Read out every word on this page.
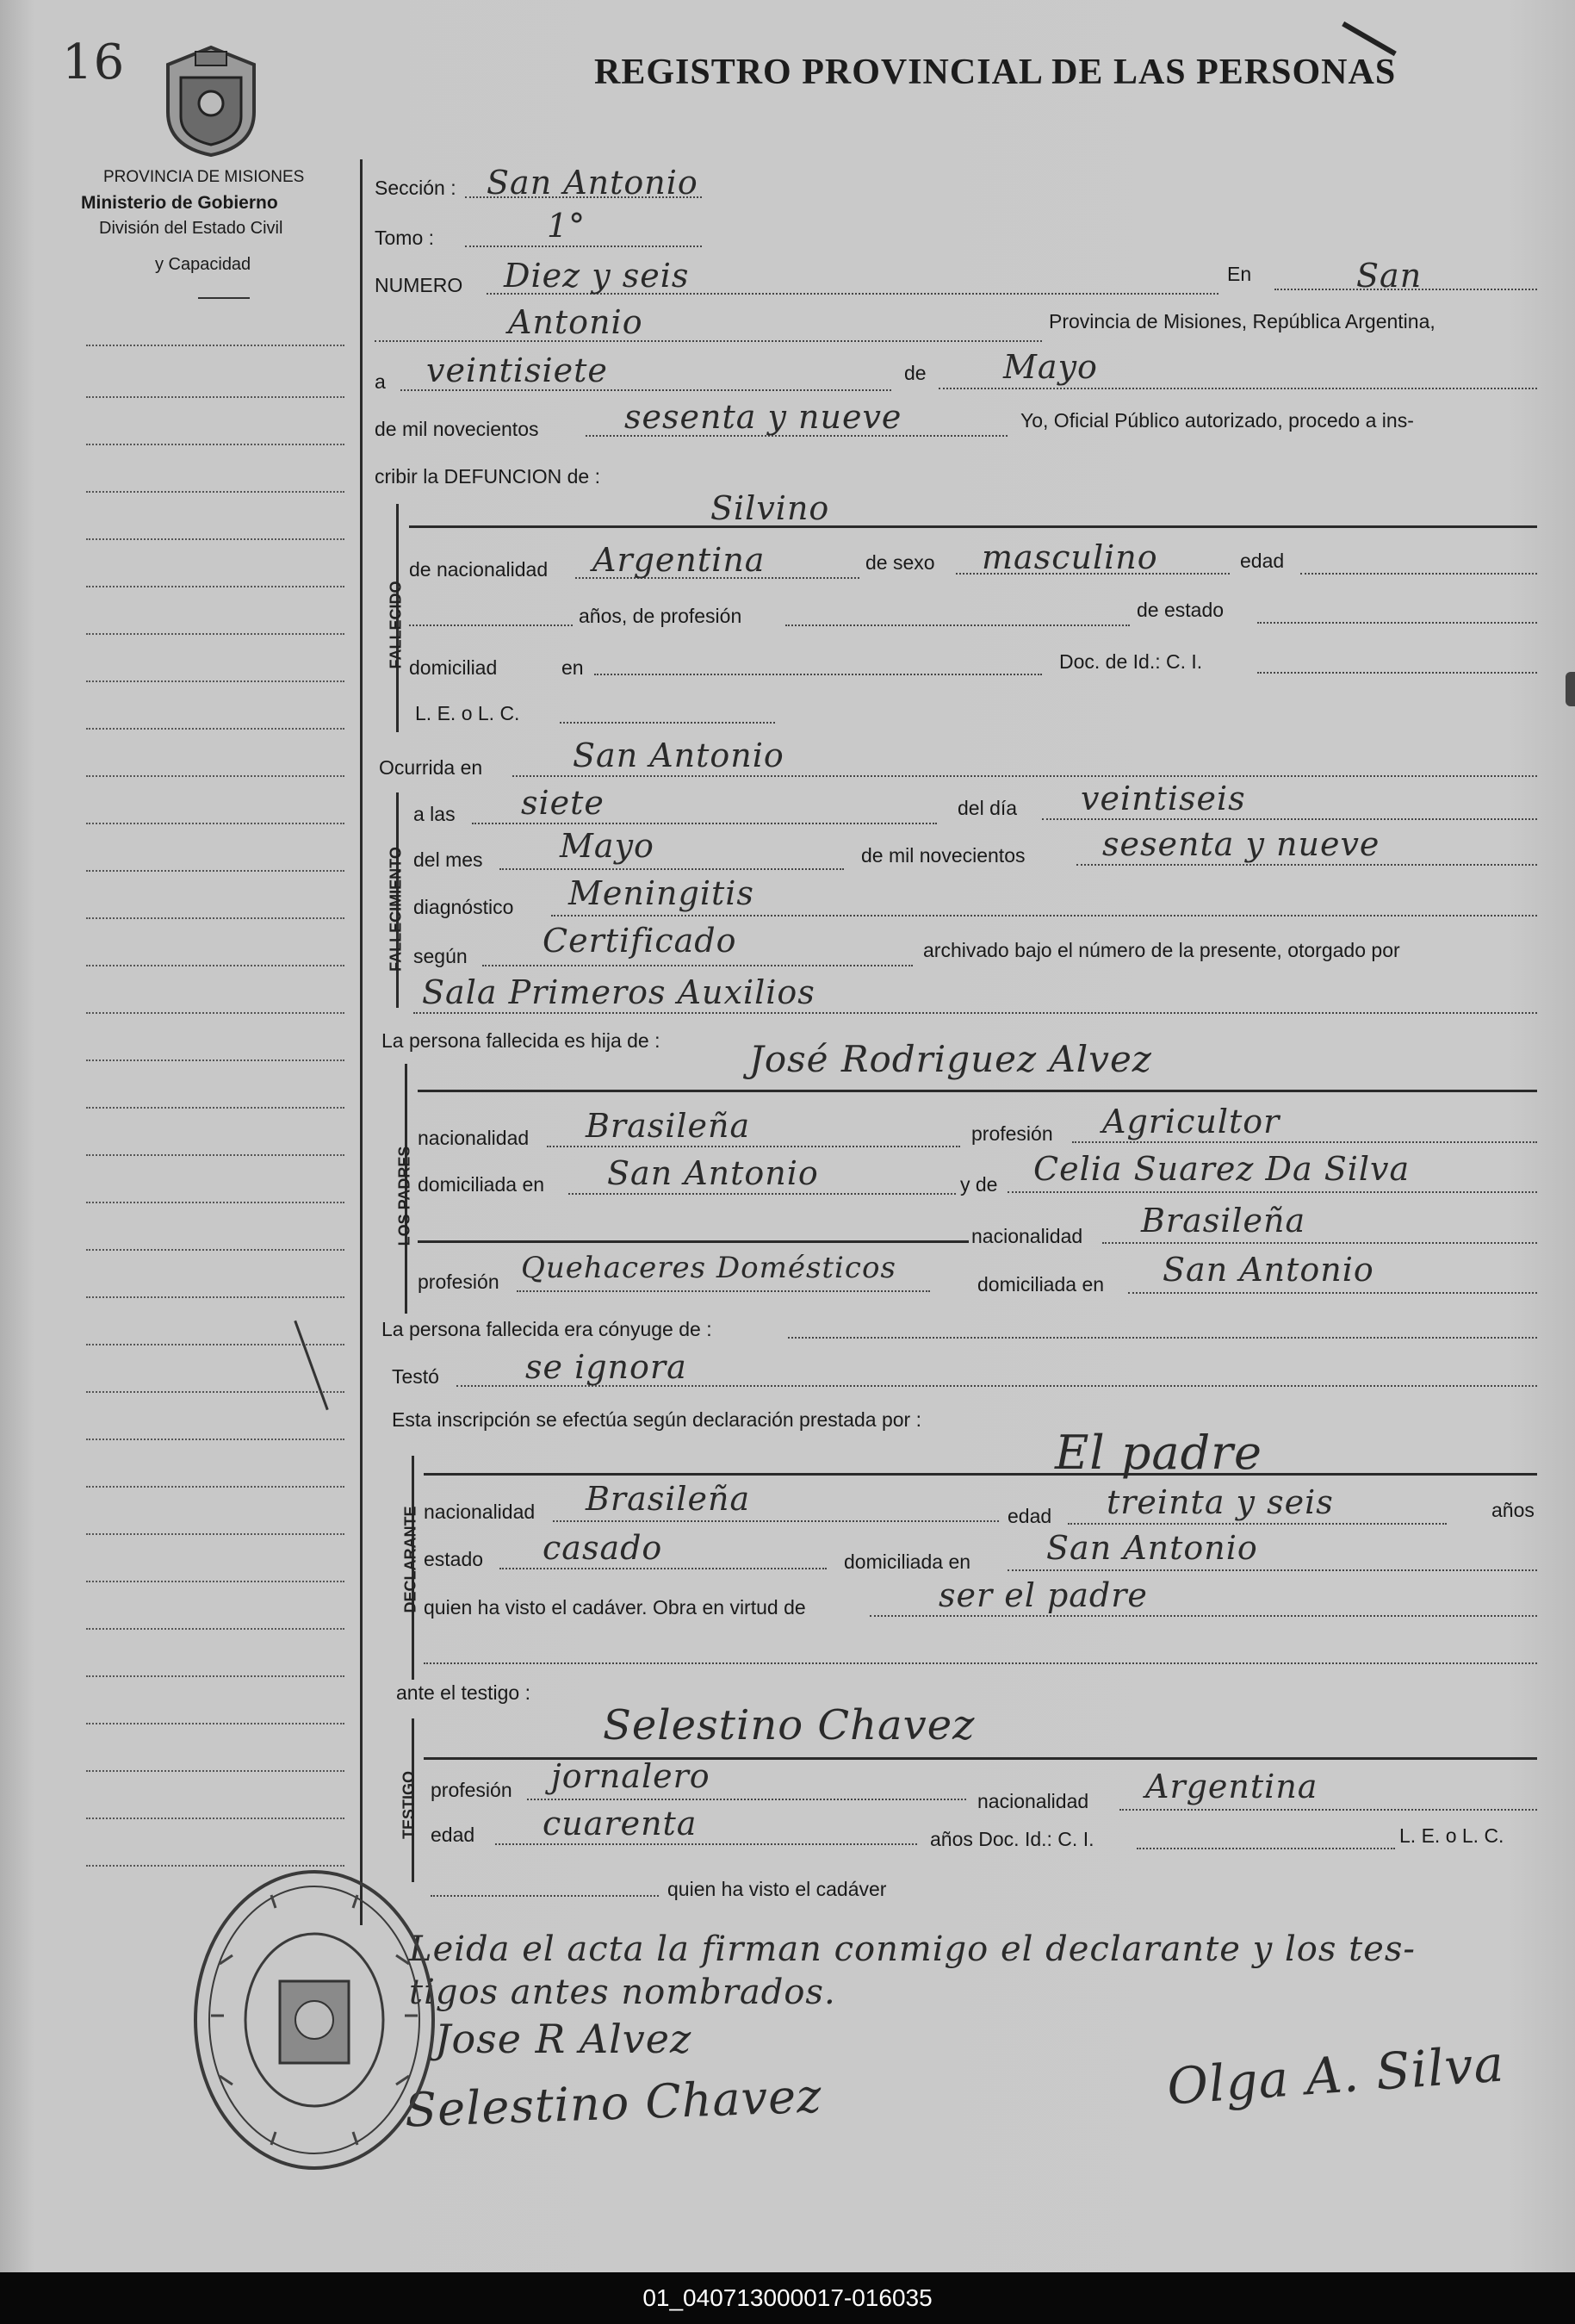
16	REGISTRO PROVINCIAL DE LAS PERSONAS
PROVINCIA DE MISIONES
Ministerio de Gobierno
División del Estado Civil
y Capacidad
Sección : San Antonio
Tomo :	1°
NUMERO Diez y seis	En	San
Antonio	Provincia de Misiones, República Argentina,
a veintisiete	de Mayo
de mil novecientos	sesenta y nueve	Yo, Oficial Público autorizado, procedo a ins-
cribir la DEFUNCION de :
FALLECIDO
Silvino
de nacionalidad Argentina	de sexo masculino	edad
años, de profesión	de estado
domiciliad	en	Doc. de Id.: C. I.
L. E. o L. C.
Ocurrida en	San Antonio
FALLECIMIENTO
a las siete	del día veintiseis
del mes Mayo	de mil novecientos sesenta y nueve
diagnóstico Meningitis
según Certificado	archivado bajo el número de la presente, otorgado por
Sala Primeros Auxilios
La persona fallecida es hija de :
LOS PADRES
José Rodriguez Alvez
nacionalidad Brasileña	profesión Agricultor
domiciliada en San Antonio	y de Celia Suarez Da Silva
nacionalidad Brasileña
profesión Quehaceres Domésticos	domiciliada en San Antonio
La persona fallecida era cónyuge de :
Testó	se ignora
Esta inscripción se efectúa según declaración prestada por :
DECLARANTE
El padre
nacionalidad Brasileña	edad treinta y seis	años
estado casado	domiciliada en San Antonio
quien ha visto el cadáver. Obra en virtud de	ser el padre
ante el testigo :
TESTIGO
Selestino Chavez
profesión jornalero
nacionalidad Argentina
edad cuarenta	años Doc. Id.: C. I.	L. E. o L. C.
quien ha visto el cadáver
Leida el acta la firman conmigo el declarante y los tes-
tigos antes nombrados.
Jose R Alvez
Selestino Chavez	Olga A. Silva
01_040713000017-016035
